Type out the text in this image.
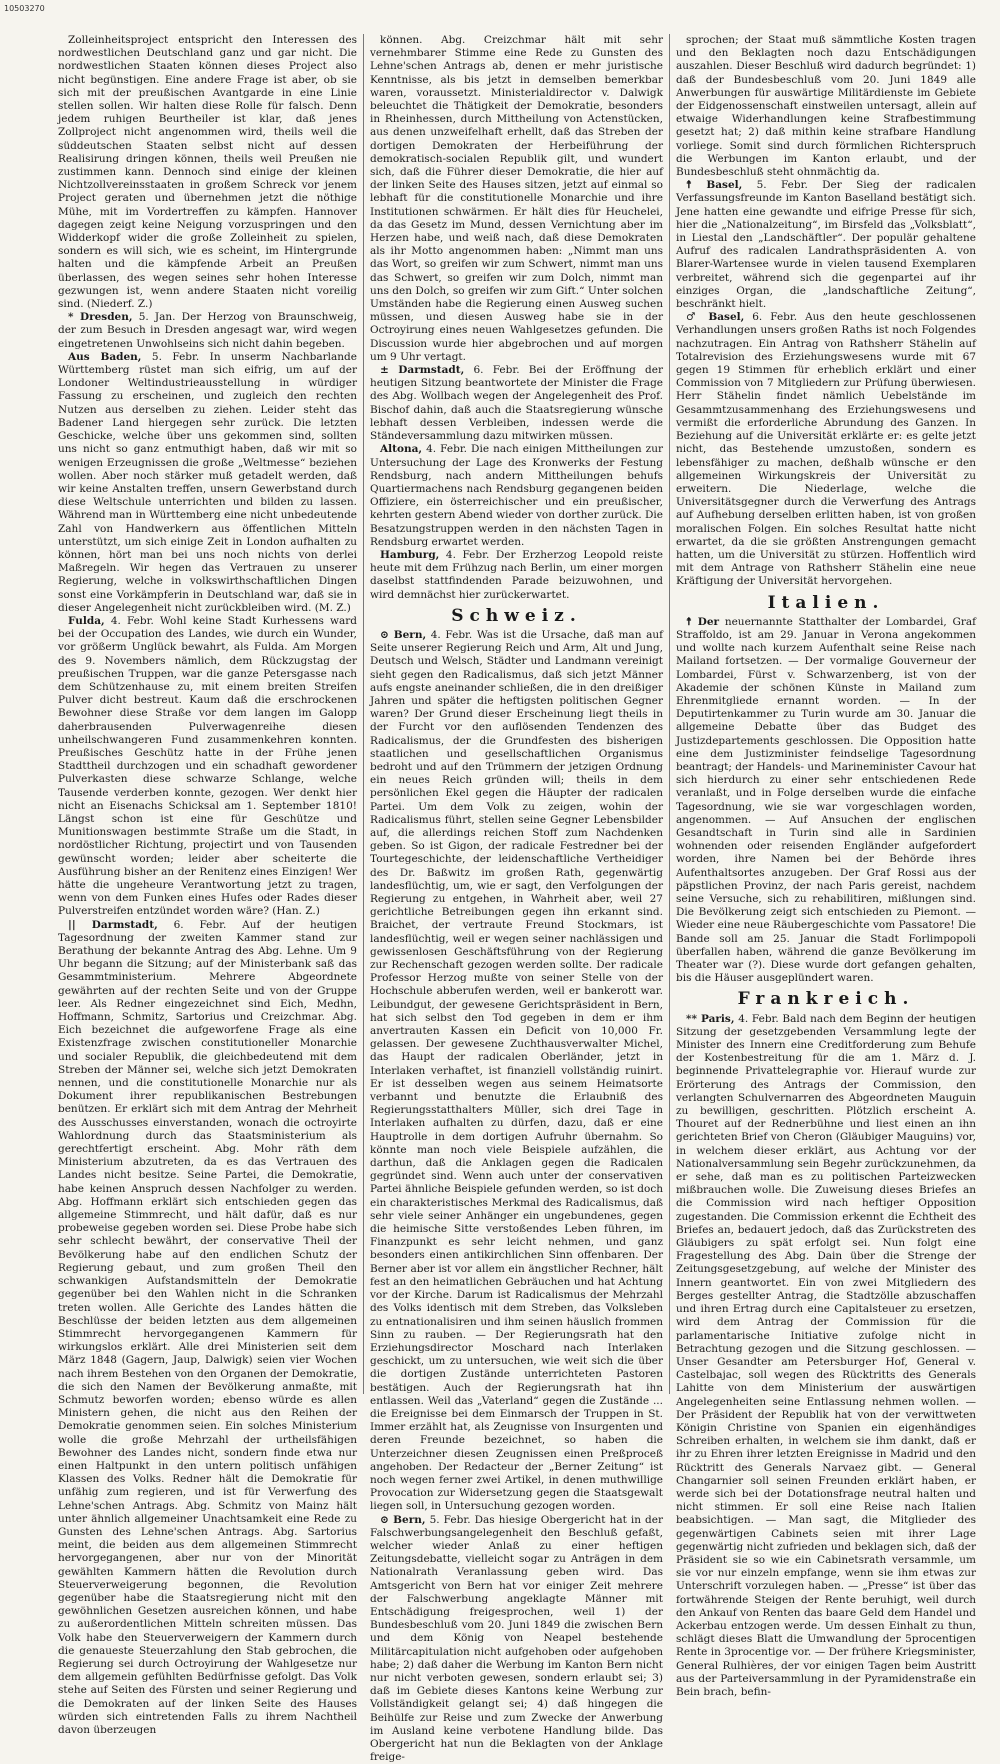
10503270

Zolleinheitsproject entspricht den Interessen des nordwestlichen Deutschland ganz und gar nicht. Die nordwestlichen Staaten können dieses Project also nicht begünstigen. Eine andere Frage ist aber, ob sie sich mit der preußischen Avantgarde in eine Linie stellen sollen. Wir halten diese Rolle für falsch. Denn jedem ruhigen Beurtheiler ist klar, daß jenes Zollproject nicht angenommen wird, theils weil die süddeutschen Staaten selbst nicht auf dessen Realisirung dringen können, theils weil Preußen nie zustimmen kann. Dennoch sind einige der kleinen Nichtzollvereinsstaaten in großem Schreck vor jenem Project geraten und übernehmen jetzt die nöthige Mühe, mit im Vordertreffen zu kämpfen. Hannover dagegen zeigt keine Neigung vorzuspringen und den Widderkopf wider die große Zolleinheit zu spielen, sondern es will sich, wie es scheint, im Hintergrunde halten und die kämpfende Arbeit an Preußen überlassen, des wegen seines sehr hohen Interesse gezwungen ist, wenn andere Staaten nicht voreilig sind. (Niederf. Z.)

* Dresden, 5. Jan. Der Herzog von Braunschweig, der zum Besuch in Dresden angesagt war, wird wegen eingetretenen Unwohlseins sich nicht dahin begeben.

Aus Baden, 5. Febr. In unserm Nachbarlande Württemberg rüstet man sich eifrig, um auf der Londoner Weltindustrieausstellung in würdiger Fassung zu erscheinen, und zugleich den rechten Nutzen aus derselben zu ziehen. Leider steht das Badener Land hiergegen sehr zurück. Die letzten Geschicke, welche über uns gekommen sind, sollten uns nicht so ganz entmuthigt haben, daß wir mit so wenigen Erzeugnissen die große „Weltmesse“ beziehen wollen. Aber noch stärker muß getadelt werden, daß wir keine Anstalten treffen, unsern Gewerbstand durch diese Weltschule unterrichten und bilden zu lassen. Während man in Württemberg eine nicht unbedeutende Zahl von Handwerkern aus öffentlichen Mitteln unterstützt, um sich einige Zeit in London aufhalten zu können, hört man bei uns noch nichts von derlei Maßregeln. Wir hegen das Vertrauen zu unserer Regierung, welche in volkswirthschaftlichen Dingen sonst eine Vorkämpferin in Deutschland war, daß sie in dieser Angelegenheit nicht zurückbleiben wird. (M. Z.)

Fulda, 4. Febr. Wohl keine Stadt Kurhessens ward bei der Occupation des Landes, wie durch ein Wunder, vor größerm Unglück bewahrt, als Fulda. Am Morgen des 9. Novembers nämlich, dem Rückzugstag der preußischen Truppen, war die ganze Petersgasse nach dem Schützenhause zu, mit einem breiten Streifen Pulver dicht bestreut. Kaum daß die erschrockenen Bewohner diese Straße vor dem langen im Galopp daherbrausenden Pulverwagenreihe diesen unheilschwangeren Fund zusammenkehren konnten. Preußisches Geschütz hatte in der Frühe jenen Stadttheil durchzogen und ein schadhaft gewordener Pulverkasten diese schwarze Schlange, welche Tausende verderben konnte, gezogen. Wer denkt hier nicht an Eisenachs Schicksal am 1. September 1810! Längst schon ist eine für Geschütze und Munitionswagen bestimmte Straße um die Stadt, in nordöstlicher Richtung, projectirt und von Tausenden gewünscht worden; leider aber scheiterte die Ausführung bisher an der Renitenz eines Einzigen! Wer hätte die ungeheure Verantwortung jetzt zu tragen, wenn von dem Funken eines Hufes oder Rades dieser Pulverstreifen entzündet worden wäre? (Han. Z.)

|| Darmstadt, 6. Febr. Auf der heutigen Tagesordnung der zweiten Kammer stand zur Berathung der bekannte Antrag des Abg. Lehne. Um 9 Uhr begann die Sitzung; auf der Ministerbank saß das Gesammtministerium. Mehrere Abgeordnete gewährten auf der rechten Seite und von der Gruppe leer. Als Redner eingezeichnet sind Eich, Medhn, Hoffmann, Schmitz, Sartorius und Creizchmar. Abg. Eich bezeichnet die aufgeworfene Frage als eine Existenzfrage zwischen constitutioneller Monarchie und socialer Republik, die gleichbedeutend mit dem Streben der Männer sei, welche sich jetzt Demokraten nennen, und die constitutionelle Monarchie nur als Dokument ihrer republikanischen Bestrebungen benützen. Er erklärt sich mit dem Antrag der Mehrheit des Ausschusses einverstanden, wonach die octroyirte Wahlordnung durch das Staatsministerium als gerechtfertigt erscheint. Abg. Mohr räth dem Ministerium abzutreten, da es das Vertrauen des Landes nicht besitze. Seine Partei, die Demokratie, habe keinen Anspruch dessen Nachfolger zu werden. Abg. Hoffmann erklärt sich entschieden gegen das allgemeine Stimmrecht, und hält dafür, daß es nur probeweise gegeben worden sei. Diese Probe habe sich sehr schlecht bewährt, der conservative Theil der Bevölkerung habe auf den endlichen Schutz der Regierung gebaut, und zum großen Theil den schwankigen Aufstandsmitteln der Demokratie gegenüber bei den Wahlen nicht in die Schranken treten wollen. Alle Gerichte des Landes hätten die Beschlüsse der beiden letzten aus dem allgemeinen Stimmrecht hervorgegangenen Kammern für wirkungslos erklärt. Alle drei Ministerien seit dem März 1848 (Gagern, Jaup, Dalwigk) seien vier Wochen nach ihrem Bestehen von den Organen der Demokratie, die sich den Namen der Bevölkerung anmaßte, mit Schmutz beworfen worden; ebenso würde es allen Ministern gehen, die nicht aus den Reihen der Demokratie genommen seien. Ein solches Ministerium wolle die große Mehrzahl der urtheilsfähigen Bewohner des Landes nicht, sondern finde etwa nur einen Haltpunkt in den untern politisch unfähigen Klassen des Volks. Redner hält die Demokratie für unfähig zum regieren, und ist für Verwerfung des Lehne'schen Antrags. Abg. Schmitz von Mainz hält unter ähnlich allgemeiner Unachtsamkeit eine Rede zu Gunsten des Lehne'schen Antrags. Abg. Sartorius meint, die beiden aus dem allgemeinen Stimmrecht hervorgegangenen, aber nur von der Minorität gewählten Kammern hätten die Revolution durch Steuerverweigerung begonnen, die Revolution gegenüber habe die Staatsregierung nicht mit den gewöhnlichen Gesetzen ausreichen können, und habe zu außerordentlichen Mitteln schreiten müssen. Das Volk habe den Steuerverweigern der Kammern durch die genaueste Steuerzahlung den Stab gebrochen, die Regierung sei durch Octroyirung der Wahlgesetze nur dem allgemein gefühlten Bedürfnisse gefolgt. Das Volk stehe auf Seiten des Fürsten und seiner Regierung und die Demokraten auf der linken Seite des Hauses würden sich eintretenden Falls zu ihrem Nachtheil davon überzeugen

können. Abg. Creizchmar hält mit sehr vernehmbarer Stimme eine Rede zu Gunsten des Lehne'schen Antrags ab, denen er mehr juristische Kenntnisse, als bis jetzt in demselben bemerkbar waren, voraussetzt. Ministerialdirector v. Dalwigk beleuchtet die Thätigkeit der Demokratie, besonders in Rheinhessen, durch Mittheilung von Actenstücken, aus denen unzweifelhaft erhellt, daß das Streben der dortigen Demokraten der Herbeiführung der demokratisch-socialen Republik gilt, und wundert sich, daß die Führer dieser Demokratie, die hier auf der linken Seite des Hauses sitzen, jetzt auf einmal so lebhaft für die constitutionelle Monarchie und ihre Institutionen schwärmen. Er hält dies für Heuchelei, da das Gesetz im Mund, dessen Vernichtung aber im Herzen habe, und weiß nach, daß diese Demokraten als ihr Motto angenommen haben: „Nimmt man uns das Wort, so greifen wir zum Schwert, nimmt man uns das Schwert, so greifen wir zum Dolch, nimmt man uns den Dolch, so greifen wir zum Gift.“ Unter solchen Umständen habe die Regierung einen Ausweg suchen müssen, und diesen Ausweg habe sie in der Octroyirung eines neuen Wahlgesetzes gefunden. Die Discussion wurde hier abgebrochen und auf morgen um 9 Uhr vertagt.

± Darmstadt, 6. Febr. Bei der Eröffnung der heutigen Sitzung beantwortete der Minister die Frage des Abg. Wollbach wegen der Angelegenheit des Prof. Bischof dahin, daß auch die Staatsregierung wünsche lebhaft dessen Verbleiben, indessen werde die Ständeversammlung dazu mitwirken müssen.

Altona, 4. Febr. Die nach einigen Mittheilungen zur Untersuchung der Lage des Kronwerks der Festung Rendsburg, nach andern Mittheilungen behufs Quartiermachens nach Rendsburg gegangenen beiden Offiziere, ein österreichischer und ein preußischer, kehrten gestern Abend wieder von dorther zurück. Die Besatzungstruppen werden in den nächsten Tagen in Rendsburg erwartet werden.

Hamburg, 4. Febr. Der Erzherzog Leopold reiste heute mit dem Frühzug nach Berlin, um einer morgen daselbst stattfindenden Parade beizuwohnen, und wird demnächst hier zurückerwartet.

Schweiz.

⊙ Bern, 4. Febr. Was ist die Ursache, daß man auf Seite unserer Regierung Reich und Arm, Alt und Jung, Deutsch und Welsch, Städter und Landmann vereinigt sieht gegen den Radicalismus, daß sich jetzt Männer aufs engste aneinander schließen, die in den dreißiger Jahren und später die heftigsten politischen Gegner waren? Der Grund dieser Erscheinung liegt theils in der Furcht vor den auflösenden Tendenzen des Radicalismus, der die Grundfesten des bisherigen staatlichen und gesellschaftlichen Organismus bedroht und auf den Trümmern der jetzigen Ordnung ein neues Reich gründen will; theils in dem persönlichen Ekel gegen die Häupter der radicalen Partei. Um dem Volk zu zeigen, wohin der Radicalismus führt, stellen seine Gegner Lebensbilder auf, die allerdings reichen Stoff zum Nachdenken geben. So ist Gigon, der radicale Festredner bei der Tourtegeschichte, der leidenschaftliche Vertheidiger des Dr. Baßwitz im großen Rath, gegenwärtig landesflüchtig, um, wie er sagt, den Verfolgungen der Regierung zu entgehen, in Wahrheit aber, weil 27 gerichtliche Betreibungen gegen ihn erkannt sind. Braichet, der vertraute Freund Stockmars, ist landesflüchtig, weil er wegen seiner nachlässigen und gewissenlosen Geschäftsführung von der Regierung zur Rechenschaft gezogen werden sollte. Der radicale Professor Herzog mußte von seiner Stelle von der Hochschule abberufen werden, weil er bankerott war. Leibundgut, der gewesene Gerichtspräsident in Bern, hat sich selbst den Tod gegeben in dem er ihm anvertrauten Kassen ein Deficit von 10,000 Fr. gelassen. Der gewesene Zuchthausverwalter Michel, das Haupt der radicalen Oberländer, jetzt in Interlaken verhaftet, ist finanziell vollständig ruinirt. Er ist desselben wegen aus seinem Heimatsorte verbannt und benutzte die Erlaubniß des Regierungsstatthalters Müller, sich drei Tage in Interlaken aufhalten zu dürfen, dazu, daß er eine Hauptrolle in dem dortigen Aufruhr übernahm. So könnte man noch viele Beispiele aufzählen, die darthun, daß die Anklagen gegen die Radicalen gegründet sind. Wenn auch unter der conservativen Partei ähnliche Beispiele gefunden werden, so ist doch ein charakteristisches Merkmal des Radicalismus, daß sehr viele seiner Anhänger ein ungebundenes, gegen die heimische Sitte verstoßendes Leben führen, im Finanzpunkt es sehr leicht nehmen, und ganz besonders einen antikirchlichen Sinn offenbaren. Der Berner aber ist vor allem ein ängstlicher Rechner, hält fest an den heimatlichen Gebräuchen und hat Achtung vor der Kirche. Darum ist Radicalismus der Mehrzahl des Volks identisch mit dem Streben, das Volksleben zu entnationalisiren und ihm seinen häuslich frommen Sinn zu rauben. — Der Regierungsrath hat den Erziehungsdirector Moschard nach Interlaken geschickt, um zu untersuchen, wie weit sich die über die dortigen Zustände unterrichteten Pastoren bestätigen. Auch der Regierungsrath hat ihn entlassen. Weil das „Vaterland“ gegen die Zustände ... die Ereignisse bei dem Einmarsch der Truppen in St. Immer erzählt hat, als Zeugnisse von Insurgenten und deren Freunde bezeichnet, so haben die Unterzeichner diesen Zeugnissen einen Preßproceß angehoben. Der Redacteur der „Berner Zeitung“ ist noch wegen ferner zwei Artikel, in denen muthwillige Provocation zur Widersetzung gegen die Staatsgewalt liegen soll, in Untersuchung gezogen worden.

⊙ Bern, 5. Febr. Das hiesige Obergericht hat in der Falschwerbungsangelegenheit den Beschluß gefaßt, welcher wieder Anlaß zu einer heftigen Zeitungsdebatte, vielleicht sogar zu Anträgen in dem Nationalrath Veranlassung geben wird. Das Amtsgericht von Bern hat vor einiger Zeit mehrere der Falschwerbung angeklagte Männer mit Entschädigung freigesprochen, weil 1) der Bundesbeschluß vom 20. Juni 1849 die zwischen Bern und dem König von Neapel bestehende Militärcapitulation nicht aufgehoben oder aufgehoben habe; 2) daß daher die Werbung im Kanton Bern nicht nur nicht verboten gewesen, sondern erlaubt sei; 3) daß im Gebiete dieses Kantons keine Werbung zur Vollständigkeit gelangt sei; 4) daß hingegen die Beihülfe zur Reise und zum Zwecke der Anwerbung im Ausland keine verbotene Handlung bilde. Das Obergericht hat nun die Beklagten von der Anklage freige-

sprochen; der Staat muß sämmtliche Kosten tragen und den Beklagten noch dazu Entschädigungen auszahlen. Dieser Beschluß wird dadurch begründet: 1) daß der Bundesbeschluß vom 20. Juni 1849 alle Anwerbungen für auswärtige Militärdienste im Gebiete der Eidgenossenschaft einstweilen untersagt, allein auf etwaige Widerhandlungen keine Strafbestimmung gesetzt hat; 2) daß mithin keine strafbare Handlung vorliege. Somit sind durch förmlichen Richterspruch die Werbungen im Kanton erlaubt, und der Bundesbeschluß steht ohnmächtig da.

☨ Basel, 5. Febr. Der Sieg der radicalen Verfassungsfreunde im Kanton Baselland bestätigt sich. Jene hatten eine gewandte und eifrige Presse für sich, hier die „Nationalzeitung“, im Birsfeld das „Volksblatt“, in Liestal den „Landschäftler“. Der populär gehaltene Aufruf des radicalen Landrathspräsidenten A. von Blarer-Wartensee wurde in vielen tausend Exemplaren verbreitet, während sich die gegenpartei auf ihr einziges Organ, die „landschaftliche Zeitung“, beschränkt hielt.

♂ Basel, 6. Febr. Aus den heute geschlossenen Verhandlungen unsers großen Raths ist noch Folgendes nachzutragen. Ein Antrag von Rathsherr Stähelin auf Totalrevision des Erziehungswesens wurde mit 67 gegen 19 Stimmen für erheblich erklärt und einer Commission von 7 Mitgliedern zur Prüfung überwiesen. Herr Stähelin findet nämlich Uebelstände im Gesammtzusammenhang des Erziehungswesens und vermißt die erforderliche Abrundung des Ganzen. In Beziehung auf die Universität erklärte er: es gelte jetzt nicht, das Bestehende umzustoßen, sondern es lebensfähiger zu machen, deßhalb wünsche er den allgemeinen Wirkungskreis der Universität zu erweitern. Die Niederlage, welche die Universitätsgegner durch die Verwerfung des Antrags auf Aufhebung derselben erlitten haben, ist von großen moralischen Folgen. Ein solches Resultat hatte nicht erwartet, da die sie größten Anstrengungen gemacht hatten, um die Universität zu stürzen. Hoffentlich wird mit dem Antrage von Rathsherr Stähelin eine neue Kräftigung der Universität hervorgehen.

Italien.

☨ Der neuernannte Statthalter der Lombardei, Graf Straffoldo, ist am 29. Januar in Verona angekommen und wollte nach kurzem Aufenthalt seine Reise nach Mailand fortsetzen. — Der vormalige Gouverneur der Lombardei, Fürst v. Schwarzenberg, ist von der Akademie der schönen Künste in Mailand zum Ehrenmitgliede ernannt worden. — In der Deputirtenkammer zu Turin wurde am 30. Januar die allgemeine Debatte über das Budget des Justizdepartements geschlossen. Die Opposition hatte eine dem Justizminister feindselige Tagesordnung beantragt; der Handels- und Marineminister Cavour hat sich hierdurch zu einer sehr entschiedenen Rede veranlaßt, und in Folge derselben wurde die einfache Tagesordnung, wie sie war vorgeschlagen worden, angenommen. — Auf Ansuchen der englischen Gesandtschaft in Turin sind alle in Sardinien wohnenden oder reisenden Engländer aufgefordert worden, ihre Namen bei der Behörde ihres Aufenthaltsortes anzugeben. Der Graf Rossi aus der päpstlichen Provinz, der nach Paris gereist, nachdem seine Versuche, sich zu rehabilitiren, mißlungen sind. Die Bevölkerung zeigt sich entschieden zu Piemont. — Wieder eine neue Räubergeschichte vom Passatore! Die Bande soll am 25. Januar die Stadt Forlimpopoli überfallen haben, während die ganze Bevölkerung im Theater war (?). Diese wurde dort gefangen gehalten, bis die Häuser ausgeplündert waren.

Frankreich.

** Paris, 4. Febr. Bald nach dem Beginn der heutigen Sitzung der gesetzgebenden Versammlung legte der Minister des Innern eine Creditforderung zum Behufe der Kostenbestreitung für die am 1. März d. J. beginnende Privattelegraphie vor. Hierauf wurde zur Erörterung des Antrags der Commission, den verlangten Schulvernarren des Abgeordneten Mauguin zu bewilligen, geschritten. Plötzlich erscheint A. Thouret auf der Rednerbühne und liest einen an ihn gerichteten Brief von Cheron (Gläubiger Mauguins) vor, in welchem dieser erklärt, aus Achtung vor der Nationalversammlung sein Begehr zurückzunehmen, da er sehe, daß man es zu politischen Parteizwecken mißbrauchen wolle. Die Zuweisung dieses Briefes an die Commission wird nach heftiger Opposition zugestanden. Die Commission erkennt die Echtheit des Briefes an, bedauert jedoch, daß das Zurückstreten des Gläubigers zu spät erfolgt sei. Nun folgt eine Fragestellung des Abg. Dain über die Strenge der Zeitungsgesetzgebung, auf welche der Minister des Innern geantwortet. Ein von zwei Mitgliedern des Berges gestellter Antrag, die Stadtzölle abzuschaffen und ihren Ertrag durch eine Capitalsteuer zu ersetzen, wird dem Antrag der Commission für die parlamentarische Initiative zufolge nicht in Betrachtung gezogen und die Sitzung geschlossen. — Unser Gesandter am Petersburger Hof, General v. Castelbajac, soll wegen des Rücktritts des Generals Lahitte von dem Ministerium der auswärtigen Angelegenheiten seine Entlassung nehmen wollen. — Der Präsident der Republik hat von der verwittweten Königin Christine von Spanien ein eigenhändiges Schreiben erhalten, in welchem sie ihm dankt, daß er ihr zu Ehren ihrer letzten Ereignisse in Madrid und den Rücktritt des Generals Narvaez gibt. — General Changarnier soll seinen Freunden erklärt haben, er werde sich bei der Dotationsfrage neutral halten und nicht stimmen. Er soll eine Reise nach Italien beabsichtigen. — Man sagt, die Mitglieder des gegenwärtigen Cabinets seien mit ihrer Lage gegenwärtig nicht zufrieden und beklagen sich, daß der Präsident sie so wie ein Cabinetsrath versammle, um sie vor nur einzeln empfange, wenn sie ihm etwas zur Unterschrift vorzulegen haben. — „Presse“ ist über das fortwährende Steigen der Rente beruhigt, weil durch den Ankauf von Renten das baare Geld dem Handel und Ackerbau entzogen werde. Um dessen Einhalt zu thun, schlägt dieses Blatt die Umwandlung der 5procentigen Rente in 3procentige vor. — Der frühere Kriegsminister, General Rulhières, der vor einigen Tagen beim Austritt aus der Parteiversammlung in der Pyramidenstraße ein Bein brach, befin-
